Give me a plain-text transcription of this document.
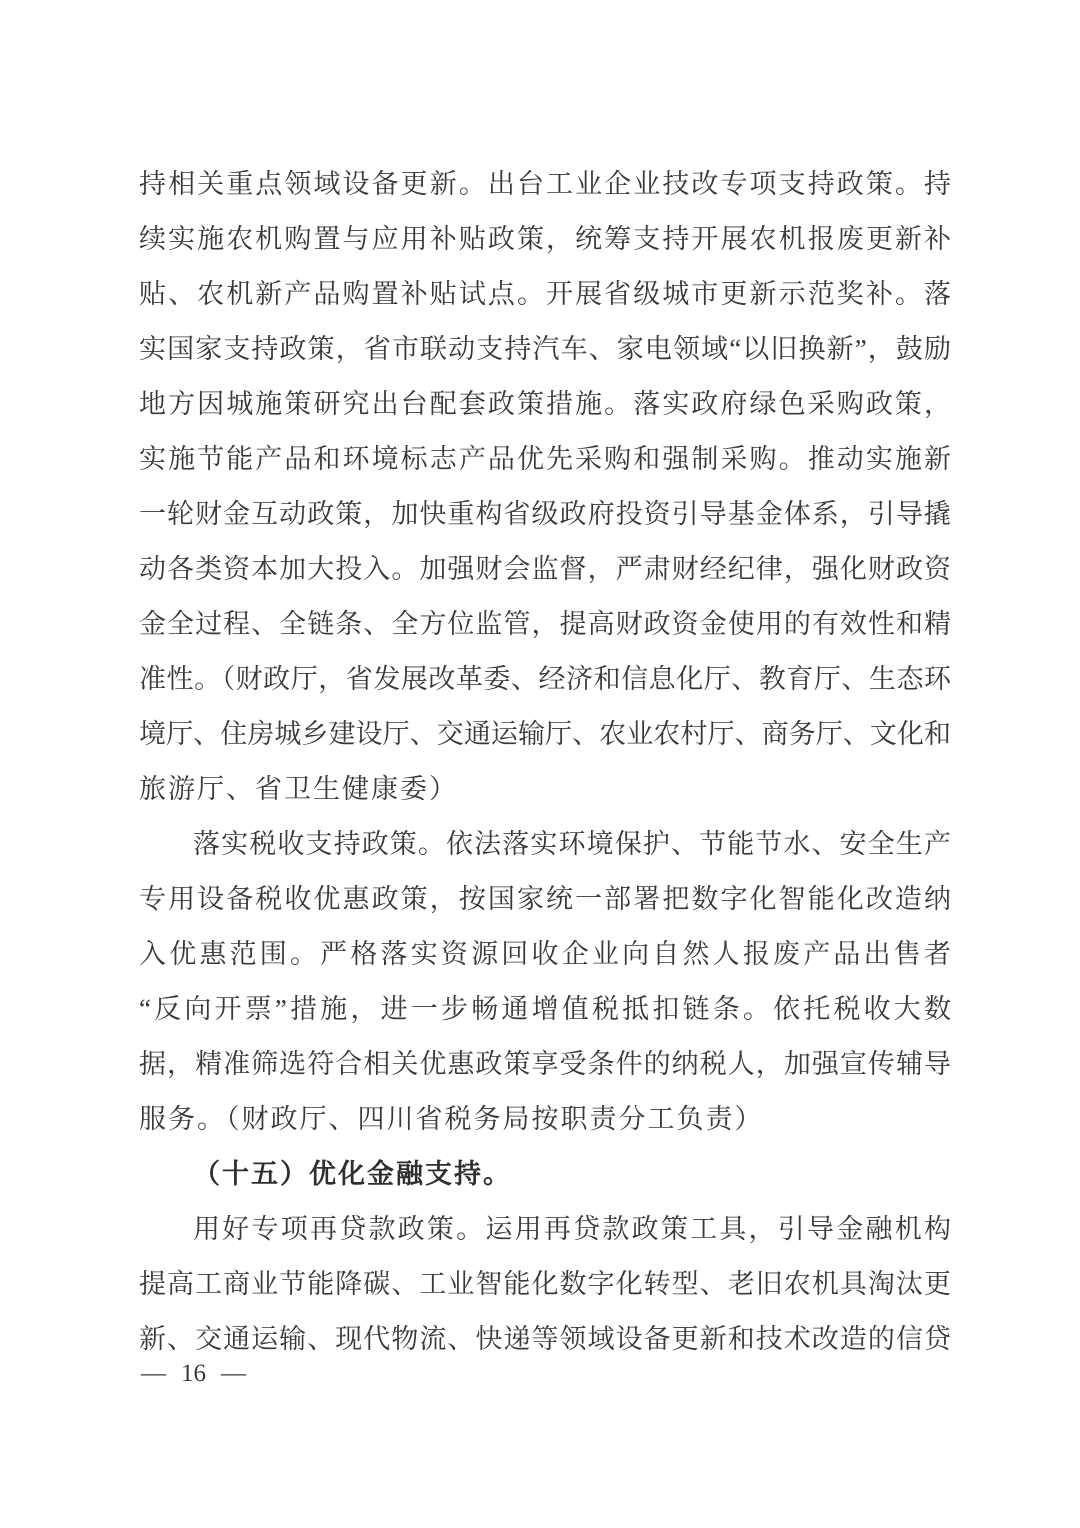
持相关重点领域设备更新。出台工业企业技改专项支持政策。持

续实施农机购置与应用补贴政策，统筹支持开展农机报废更新补

贴、农机新产品购置补贴试点。开展省级城市更新示范奖补。落

实国家支持政策，省市联动支持汽车、家电领域“以旧换新”，鼓励

地方因城施策研究出台配套政策措施。落实政府绿色采购政策，

实施节能产品和环境标志产品优先采购和强制采购。推动实施新

一轮财金互动政策，加快重构省级政府投资引导基金体系，引导撬

动各类资本加大投入。加强财会监督，严肃财经纪律，强化财政资

金全过程、全链条、全方位监管，提高财政资金使用的有效性和精

准性。（财政厅，省发展改革委、经济和信息化厅、教育厅、生态环

境厅、住房城乡建设厅、交通运输厅、农业农村厅、商务厅、文化和

旅游厅、省卫生健康委）

落实税收支持政策。依法落实环境保护、节能节水、安全生产

专用设备税收优惠政策，按国家统一部署把数字化智能化改造纳

入优惠范围。严格落实资源回收企业向自然人报废产品出售者

“反向开票”措施，进一步畅通增值税抵扣链条。依托税收大数

据，精准筛选符合相关优惠政策享受条件的纳税人，加强宣传辅导

服务。（财政厅、四川省税务局按职责分工负责）

（十五）优化金融支持。

用好专项再贷款政策。运用再贷款政策工具，引导金融机构

提高工商业节能降碳、工业智能化数字化转型、老旧农机具淘汰更

新、交通运输、现代物流、快递等领域设备更新和技术改造的信贷

— 16 —
